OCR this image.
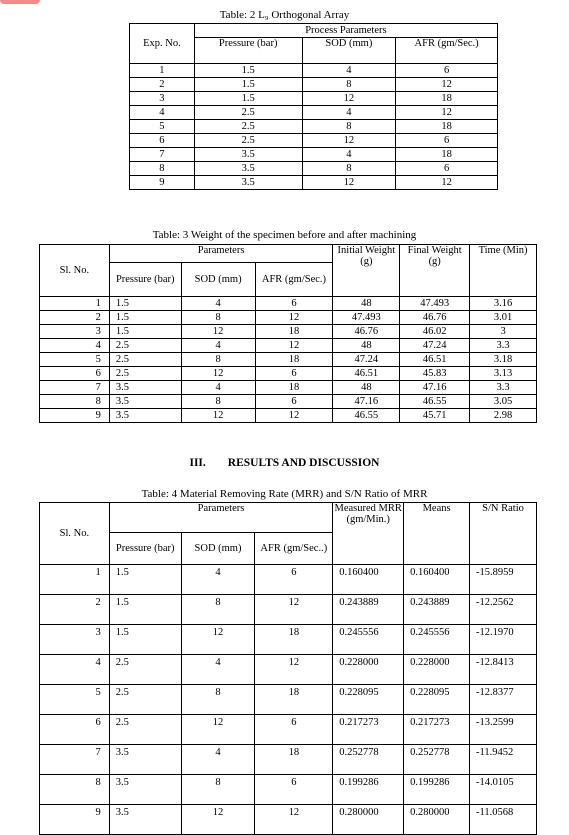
Table: 2 L₉ Orthogonal Array
Exp. No.	Process Parameters		
	Pressure (bar)	SOD (mm)	AFR (gm/Sec.)
1	1.5	4	6
2	1.5	8	12
3	1.5	12	18
4	2.5	4	12
5	2.5	8	18
6	2.5	12	6
7	3.5	4	18
8	3.5	8	6
9	3.5	12	12
Table: 3 Weight of the specimen before and after machining
Sl. No.	Parameters			Initial Weight (g)	Final Weight (g)	Time (Min)
	Pressure (bar)	SOD (mm)	AFR (gm/Sec.)			
1	1.5	4	6	48	47.493	3.16
2	1.5	8	12	47.493	46.76	3.01
3	1.5	12	18	46.76	46.02	3
4	2.5	4	12	48	47.24	3.3
5	2.5	8	18	47.24	46.51	3.18
6	2.5	12	6	46.51	45.83	3.13
7	3.5	4	18	48	47.16	3.3
8	3.5	8	6	47.16	46.55	3.05
9	3.5	12	12	46.55	45.71	2.98
III. RESULTS AND DISCUSSION
Table: 4 Material Removing Rate (MRR) and S/N Ratio of MRR
Sl. No.	Parameters			Measured MRR (gm/Min.)	Means	S/N Ratio
	Pressure (bar)	SOD (mm)	AFR (gm/Sec..)			
1	1.5	4	6	0.160400	0.160400	-15.8959
2	1.5	8	12	0.243889	0.243889	-12.2562
3	1.5	12	18	0.245556	0.245556	-12.1970
4	2.5	4	12	0.228000	0.228000	-12.8413
5	2.5	8	18	0.228095	0.228095	-12.8377
6	2.5	12	6	0.217273	0.217273	-13.2599
7	3.5	4	18	0.252778	0.252778	-11.9452
8	3.5	8	6	0.199286	0.199286	-14.0105
9	3.5	12	12	0.280000	0.280000	-11.0568
